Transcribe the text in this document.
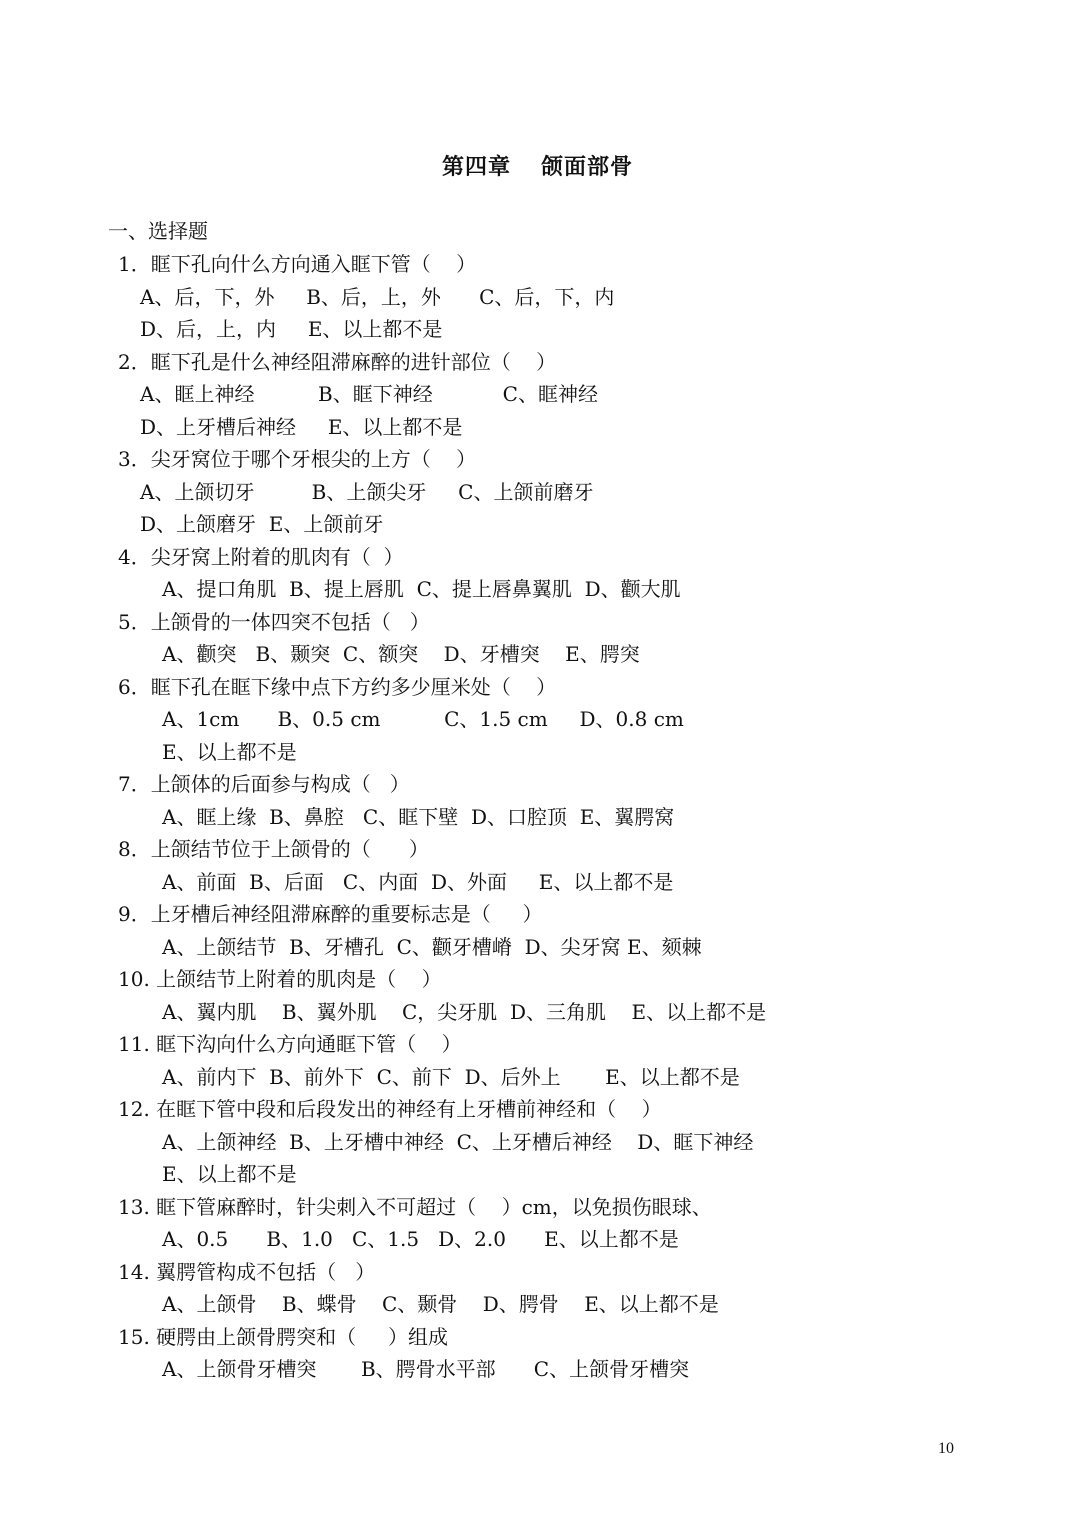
第四章 颌面部骨
一、选择题
1．眶下孔向什么方向通入眶下管（    ）
A、后，下，外     B、后，上，外      C、后，下，内
D、后，上，内     E、以上都不是
2．眶下孔是什么神经阻滞麻醉的进针部位（    ）
A、眶上神经          B、眶下神经           C、眶神经
D、上牙槽后神经     E、以上都不是
3．尖牙窝位于哪个牙根尖的上方（    ）
A、上颌切牙         B、上颌尖牙     C、上颌前磨牙
D、上颌磨牙  E、上颌前牙
4．尖牙窝上附着的肌肉有（  ）
A、提口角肌  B、提上唇肌  C、提上唇鼻翼肌  D、颧大肌
5．上颌骨的一体四突不包括（   ）
A、颧突   B、颞突  C、额突    D、牙槽突    E、腭突
6．眶下孔在眶下缘中点下方约多少厘米处（    ）
A、1cm      B、0.5 cm          C、1.5 cm     D、0.8 cm
E、以上都不是
7．上颌体的后面参与构成（   ）
A、眶上缘  B、鼻腔   C、眶下壁  D、口腔顶  E、翼腭窝
8．上颌结节位于上颌骨的（      ）
A、前面  B、后面   C、内面  D、外面     E、以上都不是
9．上牙槽后神经阻滞麻醉的重要标志是（     ）
A、上颌结节  B、牙槽孔  C、颧牙槽嵴  D、尖牙窝 E、颏棘
10. 上颌结节上附着的肌肉是（    ）
A、翼内肌    B、翼外肌    C，尖牙肌  D、三角肌    E、以上都不是
11. 眶下沟向什么方向通眶下管（    ）
A、前内下  B、前外下  C、前下  D、后外上       E、以上都不是
12. 在眶下管中段和后段发出的神经有上牙槽前神经和（    ）
A、上颌神经  B、上牙槽中神经  C、上牙槽后神经    D、眶下神经
E、以上都不是
13. 眶下管麻醉时，针尖刺入不可超过（    ）cm，以免损伤眼球、
A、0.5      B、1.0   C、1.5   D、2.0      E、以上都不是
14. 翼腭管构成不包括（   ）
A、上颌骨    B、蝶骨    C、颞骨    D、腭骨    E、以上都不是
15. 硬腭由上颌骨腭突和（     ）组成
A、上颌骨牙槽突       B、腭骨水平部      C、上颌骨牙槽突
10
